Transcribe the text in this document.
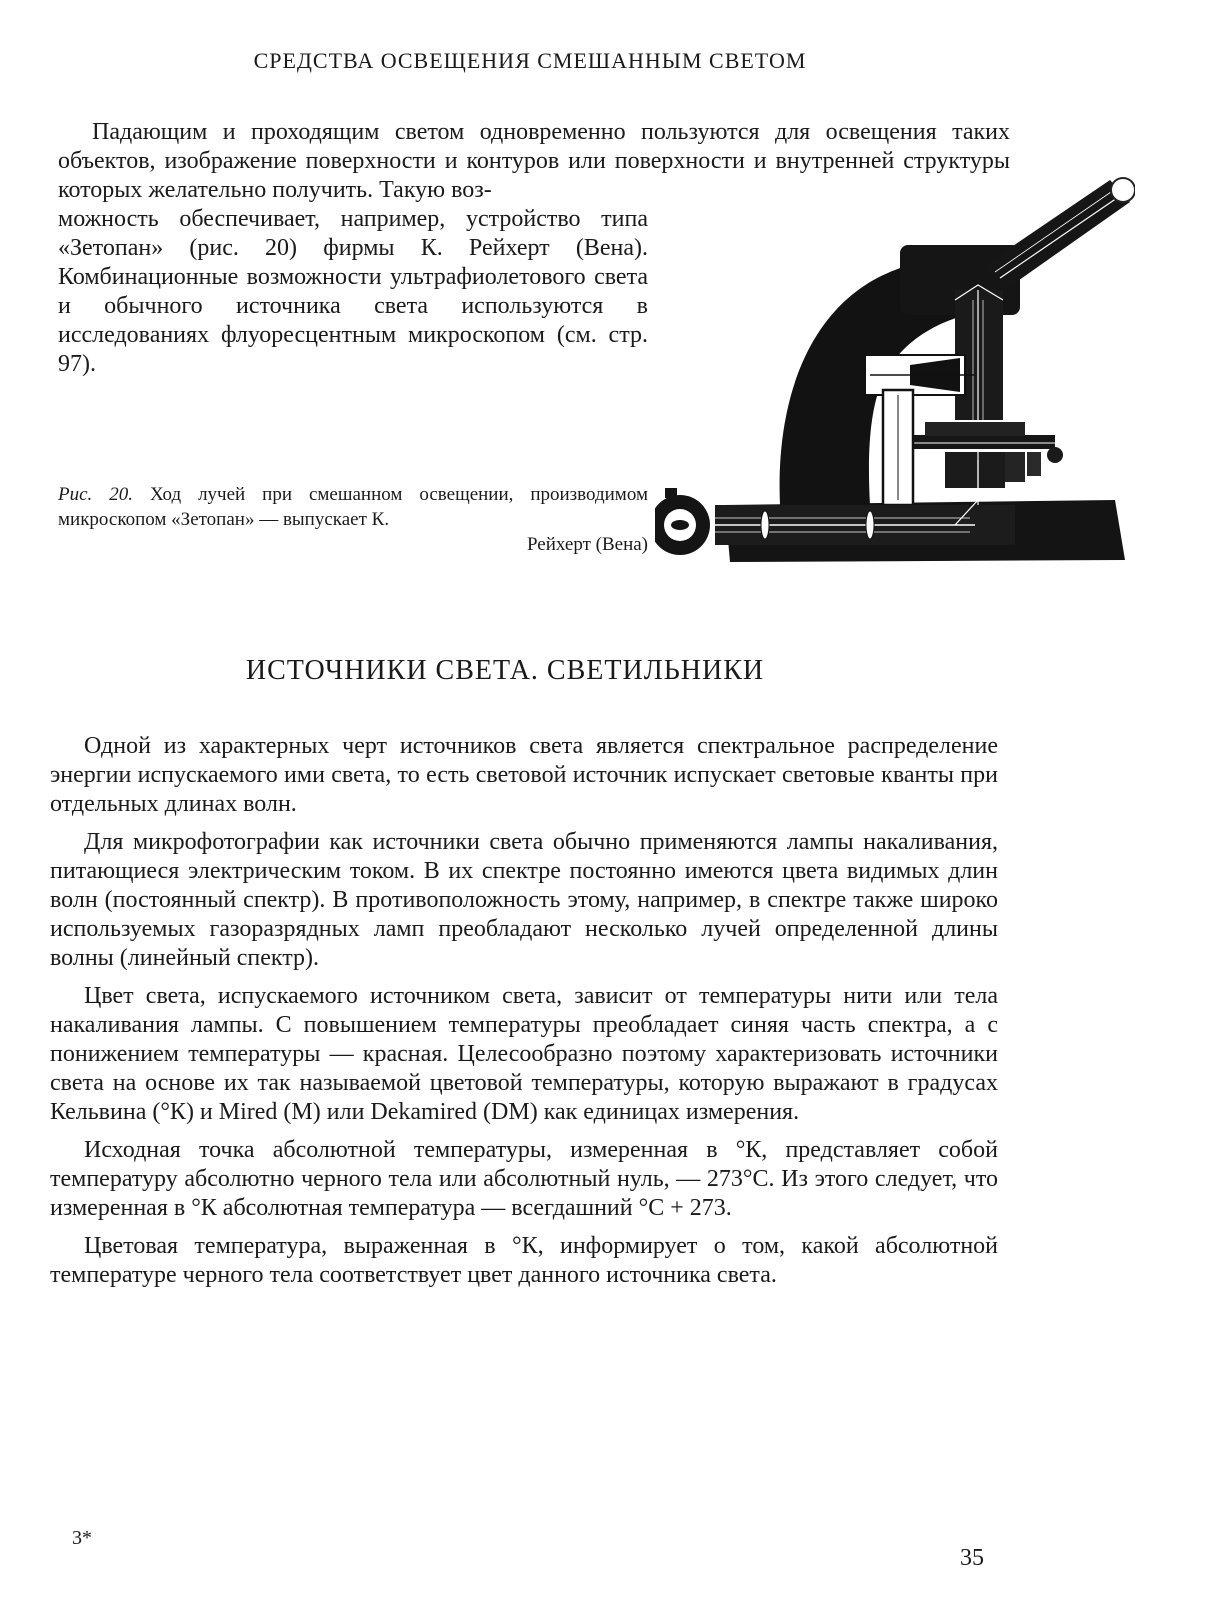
СРЕДСТВА ОСВЕЩЕНИЯ СМЕШАННЫМ СВЕТОМ

Падающим и проходящим светом одновременно пользуются для освещения таких объектов, изображение поверхности и контуров или поверхности и внутренней структуры которых желательно получить. Такую воз-

можность обеспечивает, например, устройство типа «Зетопан» (рис. 20) фирмы К. Рейхерт (Вена). Комбинационные возможности ультрафиолетового света и обычного источника света используются в исследованиях флуоресцентным микроскопом (см. стр. 97).

Рис. 20. Ход лучей при смешанном освещении, производимом микроскопом «Зетопан» — выпускает К.
Рейхерт (Вена)

ИСТОЧНИКИ СВЕТА. СВЕТИЛЬНИКИ

Одной из характерных черт источников света является спектральное распределение энергии испускаемого ими света, то есть световой источник испускает световые кванты при отдельных длинах волн.

Для микрофотографии как источники света обычно применяются лампы накаливания, питающиеся электрическим током. В их спектре постоянно имеются цвета видимых длин волн (постоянный спектр). В противоположность этому, например, в спектре также широко используемых газоразрядных ламп преобладают несколько лучей определенной длины волны (линейный спектр).

Цвет света, испускаемого источником света, зависит от температуры нити или тела накаливания лампы. С повышением температуры преобладает синяя часть спектра, а с понижением температуры — красная. Целесообразно поэтому характеризовать источники света на основе их так называемой цветовой температуры, которую выражают в градусах Кельвина (°К) и Mired (М) или Dekamired (DM) как единицах измерения.

Исходная точка абсолютной температуры, измеренная в °К, представляет собой температуру абсолютно черного тела или абсолютный нуль, — 273°С. Из этого следует, что измеренная в °К абсолютная температура — всегдашний °С + 273.

Цветовая температура, выраженная в °К, информирует о том, какой абсолютной температуре черного тела соответствует цвет данного источника света.

3*
35
